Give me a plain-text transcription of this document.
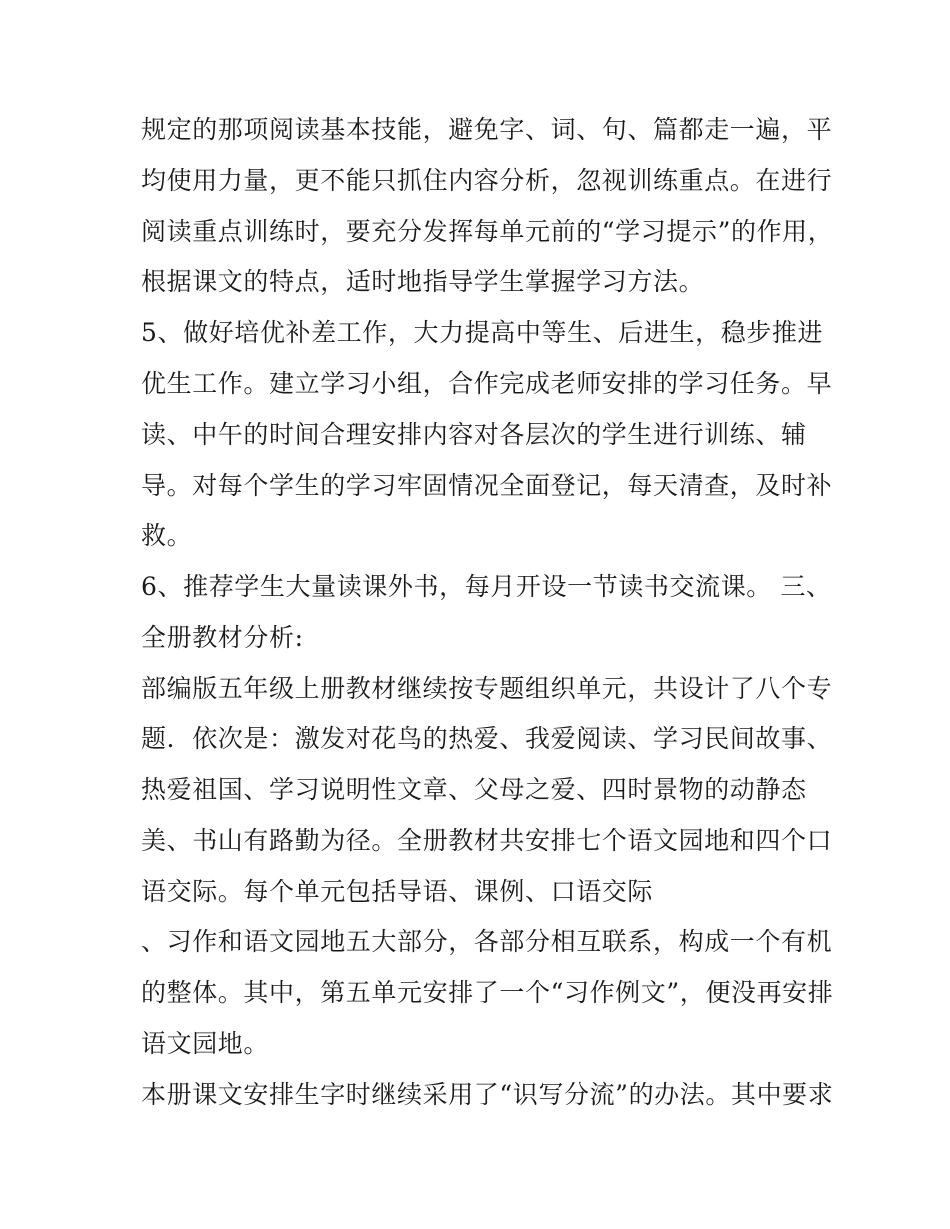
规定的那项阅读基本技能，避免字、词、句、篇都走一遍，平
均使用力量，更不能只抓住内容分析，忽视训练重点。在进行
阅读重点训练时，要充分发挥每单元前的“学习提示”的作用，
根据课文的特点，适时地指导学生掌握学习方法。
5、做好培优补差工作，大力提高中等生、后进生，稳步推进
优生工作。建立学习小组，合作完成老师安排的学习任务。早
读、中午的时间合理安排内容对各层次的学生进行训练、辅
导。对每个学生的学习牢固情况全面登记，每天清查，及时补
救。
6、推荐学生大量读课外书，每月开设一节读书交流课。 三、
全册教材分析:
部编版五年级上册教材继续按专题组织单元，共设计了八个专
题．依次是：激发对花鸟的热爱、我爱阅读、学习民间故事、
热爱祖国、学习说明性文章、父母之爱、四时景物的动静态
美、书山有路勤为径。全册教材共安排七个语文园地和四个口
语交际。每个单元包括导语、课例、口语交际
、习作和语文园地五大部分，各部分相互联系，构成一个有机
的整体。其中，第五单元安排了一个“习作例文”，便没再安排
语文园地。
本册课文安排生字时继续采用了“识写分流”的办法。其中要求
